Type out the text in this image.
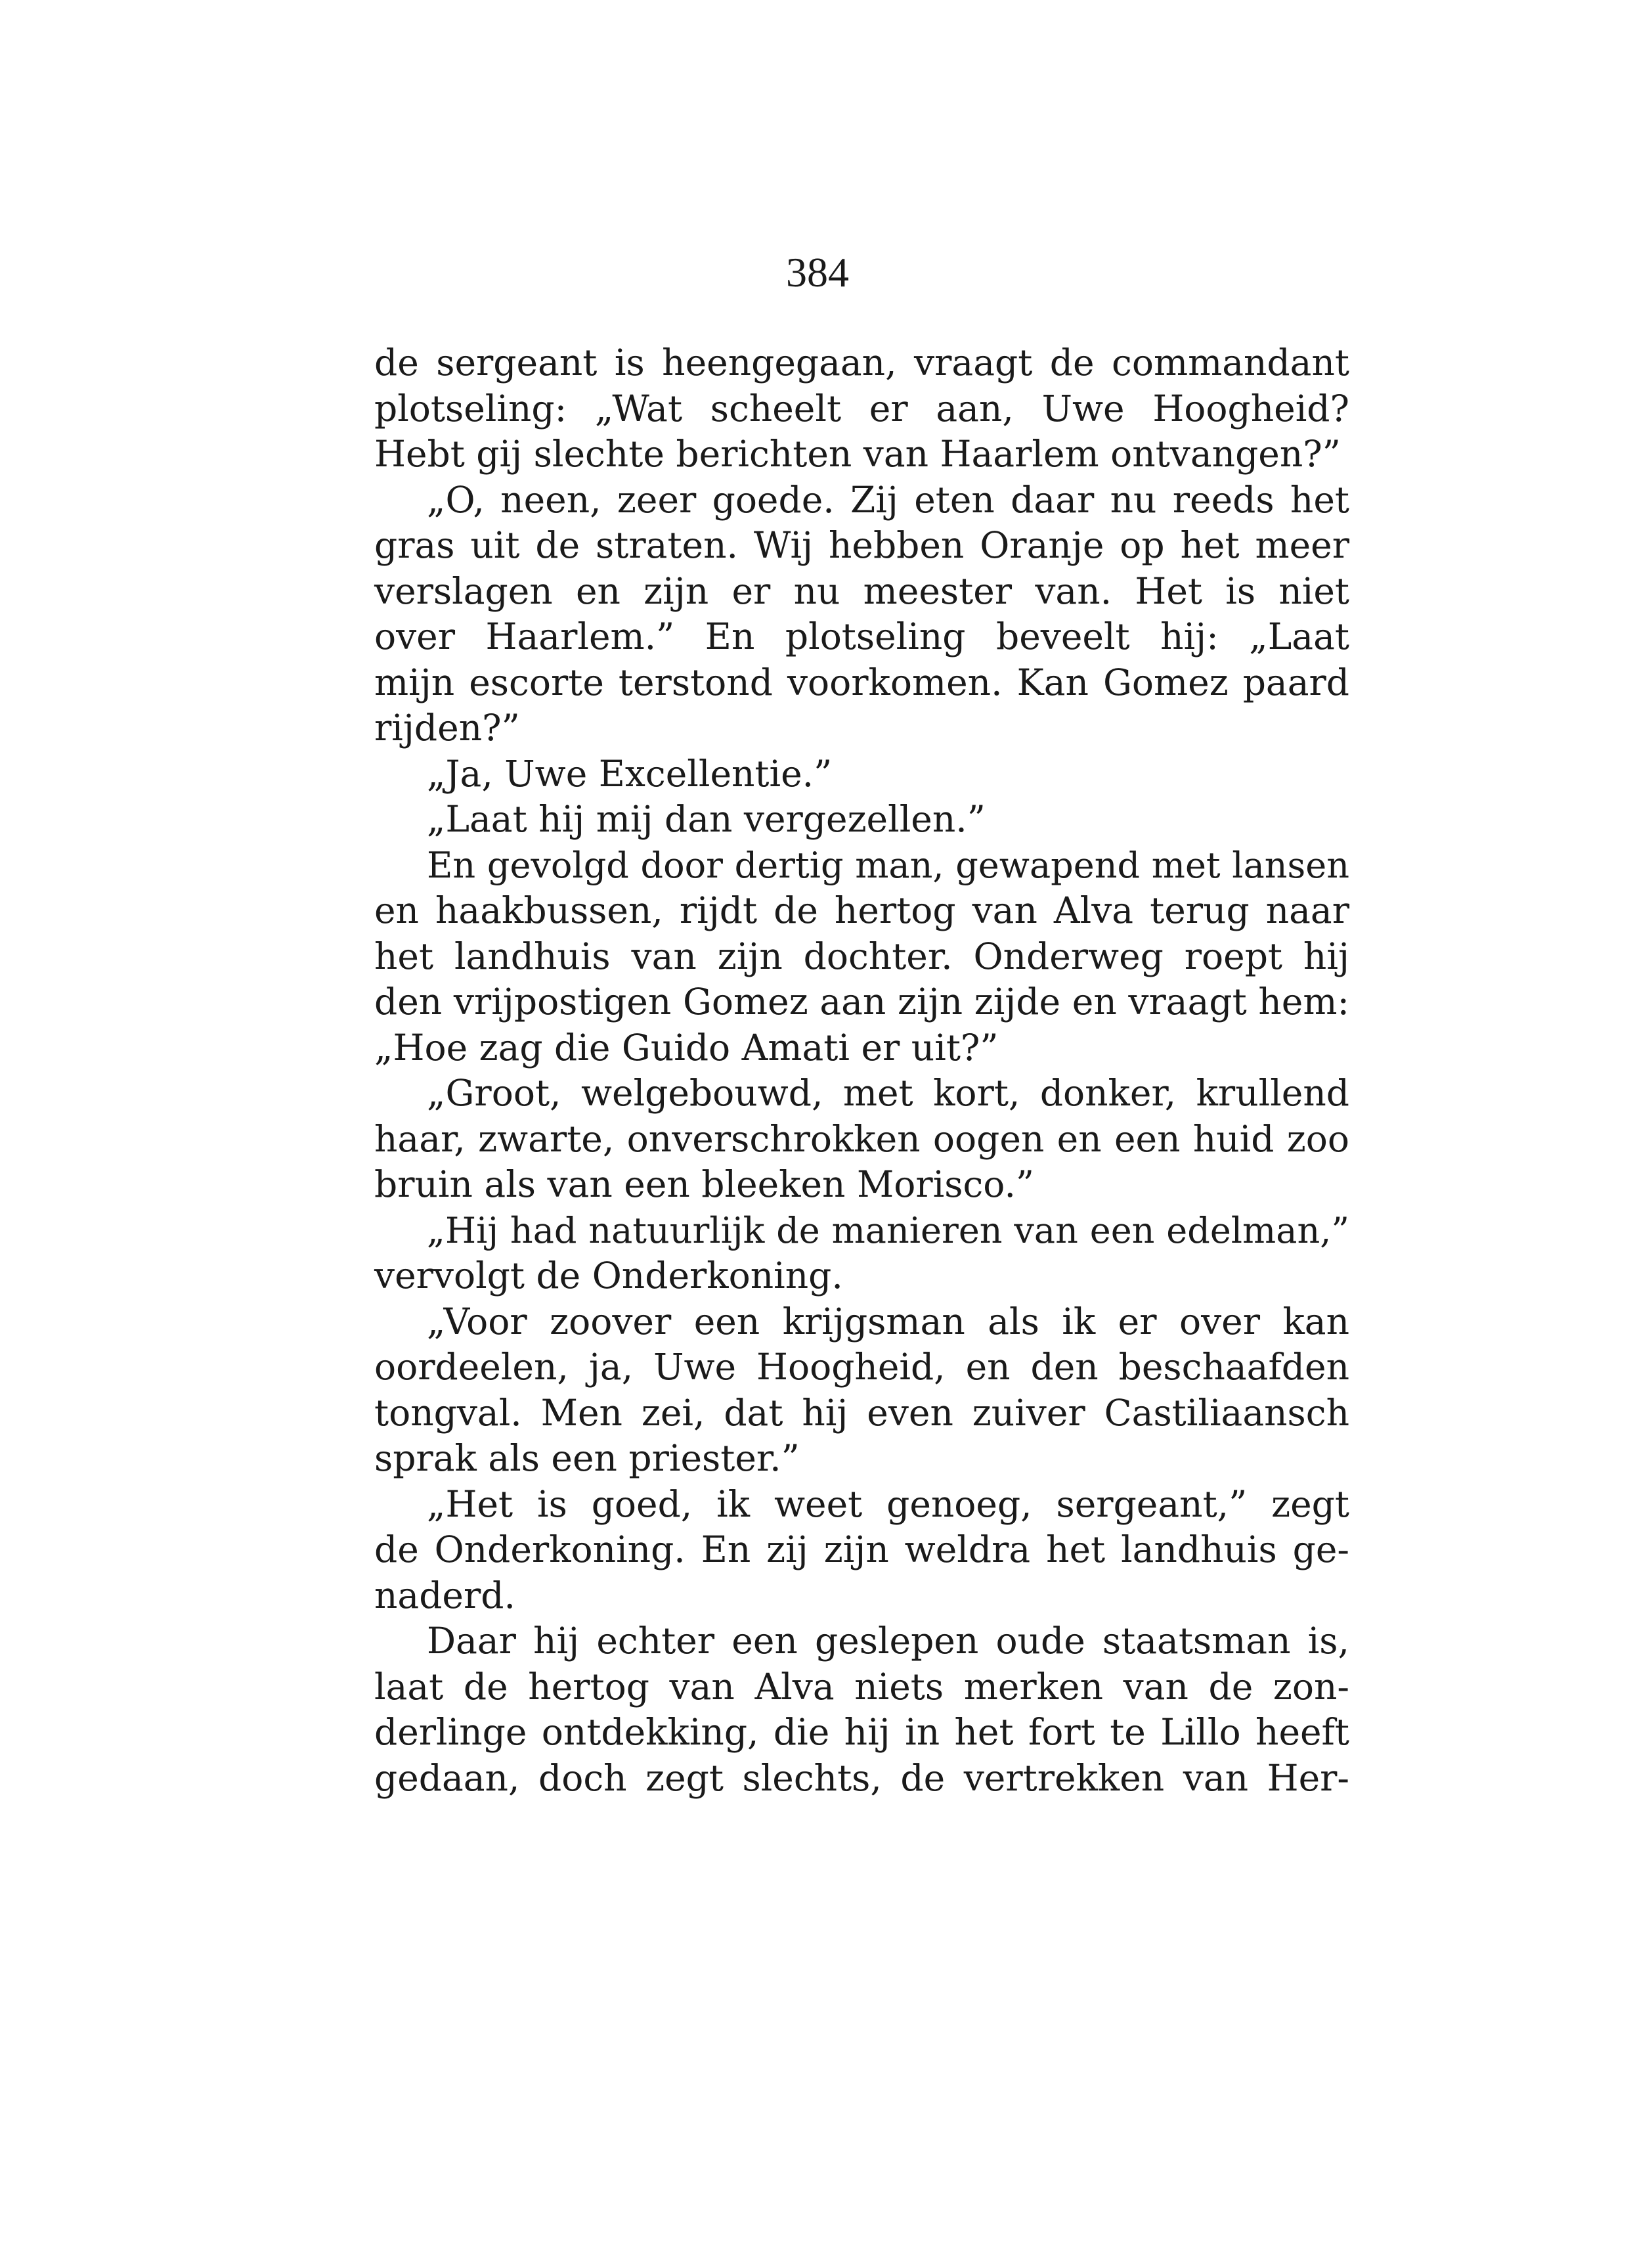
384
de sergeant is heengegaan, vraagt de commandant
plotseling: „Wat scheelt er aan, Uwe Hoogheid?
Hebt gij slechte berichten van Haarlem ontvangen?”
„O, neen, zeer goede. Zij eten daar nu reeds het
gras uit de straten. Wij hebben Oranje op het meer
verslagen en zijn er nu meester van. Het is niet
over Haarlem.” En plotseling beveelt hij: „Laat
mijn escorte terstond voorkomen. Kan Gomez paard
rijden?”
„Ja, Uwe Excellentie.”
„Laat hij mij dan vergezellen.”
En gevolgd door dertig man, gewapend met lansen
en haakbussen, rijdt de hertog van Alva terug naar
het landhuis van zijn dochter. Onderweg roept hij
den vrijpostigen Gomez aan zijn zijde en vraagt hem:
„Hoe zag die Guido Amati er uit?”
„Groot, welgebouwd, met kort, donker, krullend
haar, zwarte, onverschrokken oogen en een huid zoo
bruin als van een bleeken Morisco.”
„Hij had natuurlijk de manieren van een edelman,”
vervolgt de Onderkoning.
„Voor zoover een krijgsman als ik er over kan
oordeelen, ja, Uwe Hoogheid, en den beschaafden
tongval. Men zei, dat hij even zuiver Castiliaansch
sprak als een priester.”
„Het is goed, ik weet genoeg, sergeant,” zegt
de Onderkoning. En zij zijn weldra het landhuis ge-
naderd.
Daar hij echter een geslepen oude staatsman is,
laat de hertog van Alva niets merken van de zon-
derlinge ontdekking, die hij in het fort te Lillo heeft
gedaan, doch zegt slechts, de vertrekken van Her-
